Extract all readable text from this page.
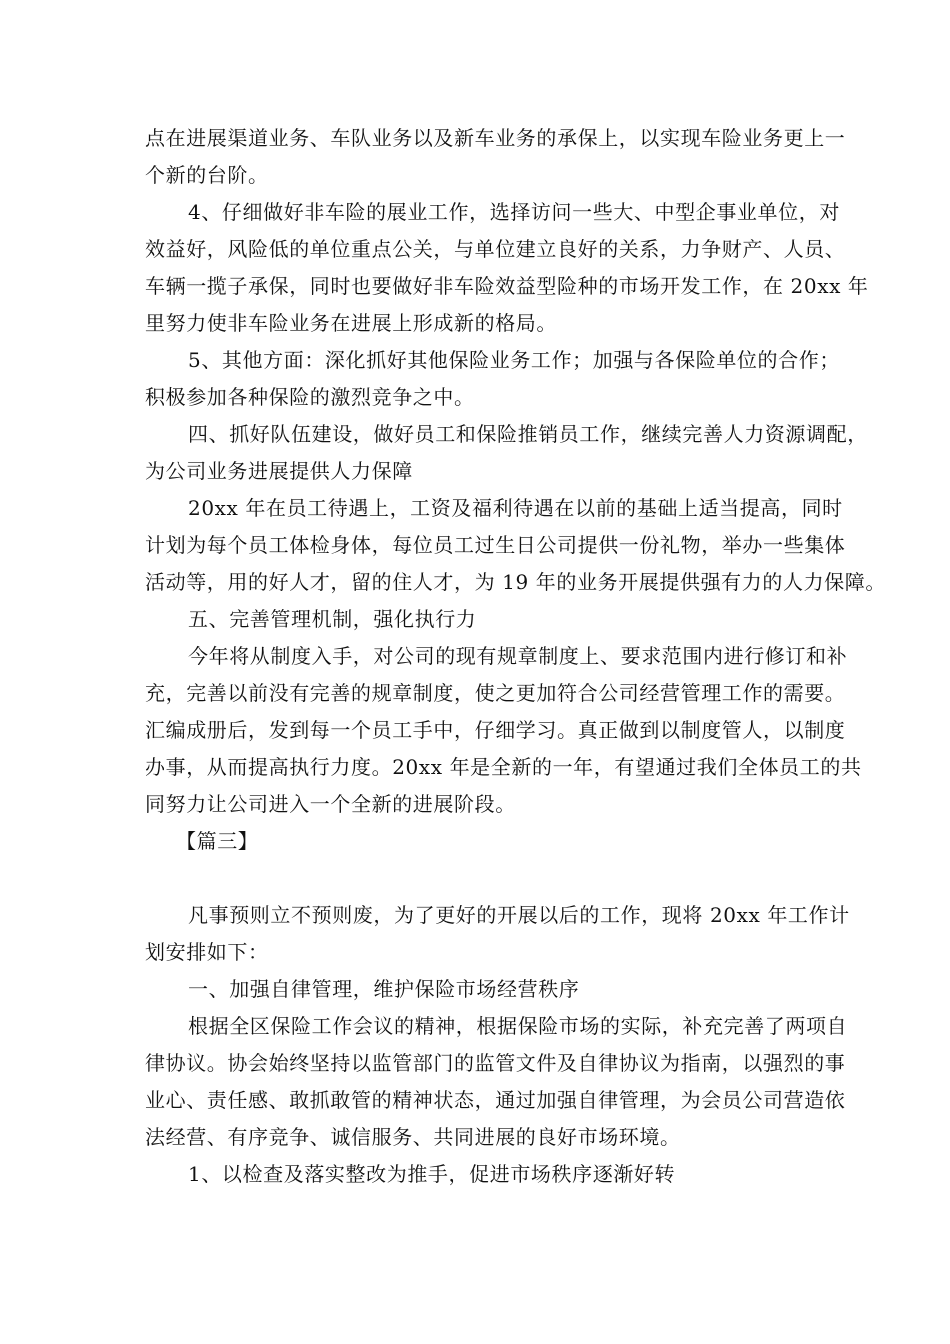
点在进展渠道业务、车队业务以及新车业务的承保上，以实现车险业务更上一
个新的台阶。
4、仔细做好非车险的展业工作，选择访问一些大、中型企事业单位，对
效益好，风险低的单位重点公关，与单位建立良好的关系，力争财产、人员、
车辆一揽子承保，同时也要做好非车险效益型险种的市场开发工作，在 20xx 年
里努力使非车险业务在进展上形成新的格局。
5、其他方面：深化抓好其他保险业务工作；加强与各保险单位的合作；
积极参加各种保险的激烈竞争之中。
四、抓好队伍建设，做好员工和保险推销员工作，继续完善人力资源调配，
为公司业务进展提供人力保障
20xx 年在员工待遇上，工资及福利待遇在以前的基础上适当提高，同时
计划为每个员工体检身体，每位员工过生日公司提供一份礼物，举办一些集体
活动等，用的好人才，留的住人才，为 19 年的业务开展提供强有力的人力保障。
五、完善管理机制，强化执行力
今年将从制度入手，对公司的现有规章制度上、要求范围内进行修订和补
充，完善以前没有完善的规章制度，使之更加符合公司经营管理工作的需要。
汇编成册后，发到每一个员工手中，仔细学习。真正做到以制度管人，以制度
办事，从而提高执行力度。20xx 年是全新的一年，有望通过我们全体员工的共
同努力让公司进入一个全新的进展阶段。
【篇三】
凡事预则立不预则废，为了更好的开展以后的工作，现将 20xx 年工作计
划安排如下：
一、加强自律管理，维护保险市场经营秩序
根据全区保险工作会议的精神，根据保险市场的实际，补充完善了两项自
律协议。协会始终坚持以监管部门的监管文件及自律协议为指南，以强烈的事
业心、责任感、敢抓敢管的精神状态，通过加强自律管理，为会员公司营造依
法经营、有序竞争、诚信服务、共同进展的良好市场环境。
1、以检查及落实整改为推手，促进市场秩序逐渐好转
